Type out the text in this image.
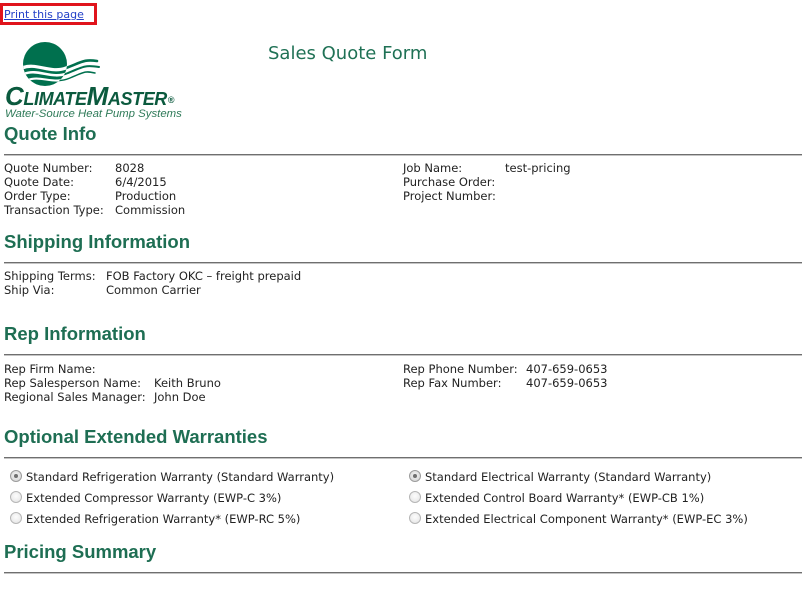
Print this page
ClimateMaster®
Water-Source Heat Pump Systems
Sales Quote Form
Quote Info
Quote Number:	8028
Quote Date:	6/4/2015
Order Type:	Production
Transaction Type: Commission
Job Name:	test-pricing
Purchase Order:
Project Number:
Shipping Information
Shipping Terms: FOB Factory OKC – freight prepaid
Ship Via:	Common Carrier
Rep Information
Rep Firm Name:
Rep Salesperson Name:	Keith Bruno
Regional Sales Manager: John Doe
Rep Phone Number: 407-659-0653
Rep Fax Number:	407-659-0653
Optional Extended Warranties
Standard Refrigeration Warranty (Standard Warranty)
Extended Compressor Warranty (EWP-C 3%)
Extended Refrigeration Warranty* (EWP-RC 5%)
Standard Electrical Warranty (Standard Warranty)
Extended Control Board Warranty* (EWP-CB 1%)
Extended Electrical Component Warranty* (EWP-EC 3%)
Pricing Summary
